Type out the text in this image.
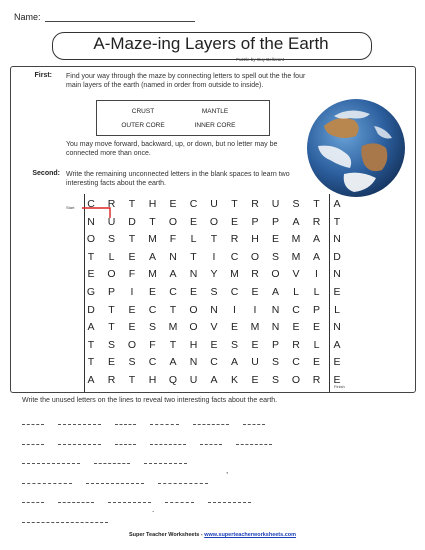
Name:
A-Maze-ing Layers of the Earth
Puzzle by Guy Bellerant
First: Find your way through the maze by connecting letters to spell out the the four main layers of the earth (named in order from outside to inside).
CRUST	MANTLE
OUTER CORE	INNER CORE
You may move forward, backward, up, or down, but no letter may be connected more than once.
Second: Write the remaining unconnected letters in the blank spaces to learn two interesting facts about the earth.
Start
Finish
C	R	T	H	E	C	U	T	R	U	S	T	A
N	U	D	T	O	E	O	E	P	P	A	R	T
O	S	T	M	F	L	T	R	H	E	M	A	N
T	L	E	A	N	T	I	C	O	S	M	A	D
E	O	F	M	A	N	Y	M	R	O	V	I	N
G	P	I	E	C	E	S	C	E	A	L	L	E
D	T	E	C	T	O	N	I	I	N	C	P	L
A	T	E	S	M	O	V	E	M	N	E	E	N
T	S	O	F	T	H	E	S	E	P	R	L	A
T	E	S	C	A	N	C	A	U	S	C	E	E
A	R	T	H	Q	U	A	K	E	S	O	R	E
Write the unused letters on the lines to reveal two interesting facts about the earth.
,
.
Super Teacher Worksheets - www.superteacherworksheets.com
